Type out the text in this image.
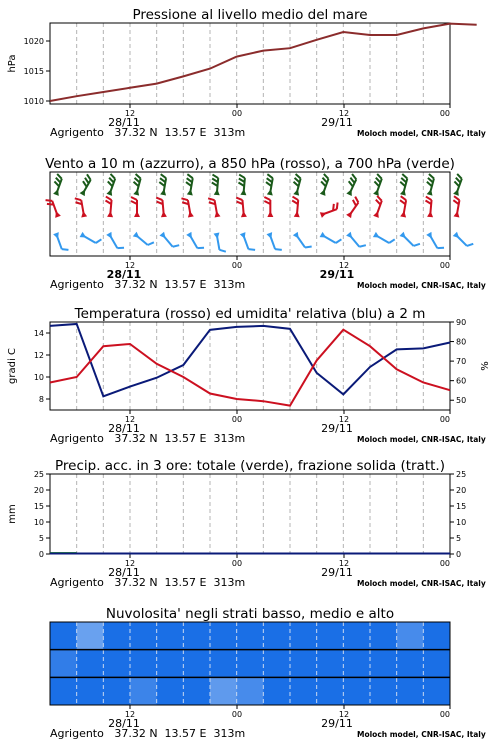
Pressione al livello medio del mare
12	00	12	00
28/11	29/11
Agrigento   37.32 N  13.57 E  313m	Moloch model, CNR-ISAC, Italy
1010
1015
1020
hPa
Vento a 10 m (azzurro), a 850 hPa (rosso), a 700 hPa (verde)
12	00	12	00
28/11	29/11
Agrigento   37.32 N  13.57 E  313m	Moloch model, CNR-ISAC, Italy
Temperatura (rosso) ed umidita' relativa (blu) a 2 m
12	00	12	00
28/11	29/11
Agrigento   37.32 N  13.57 E  313m	Moloch model, CNR-ISAC, Italy
8
10
12
14
50
60
70
80
90
gradi C	%
Precip. acc. in 3 ore: totale (verde), frazione solida (tratt.)
12	00	12	00
28/11	29/11
Agrigento   37.32 N  13.57 E  313m	Moloch model, CNR-ISAC, Italy
0	0
5	5
10	10
15	15
20	20
25	25
mm
Nuvolosita' negli strati basso, medio e alto
12	00	12	00
28/11	29/11
Agrigento   37.32 N  13.57 E  313m	Moloch model, CNR-ISAC, Italy
